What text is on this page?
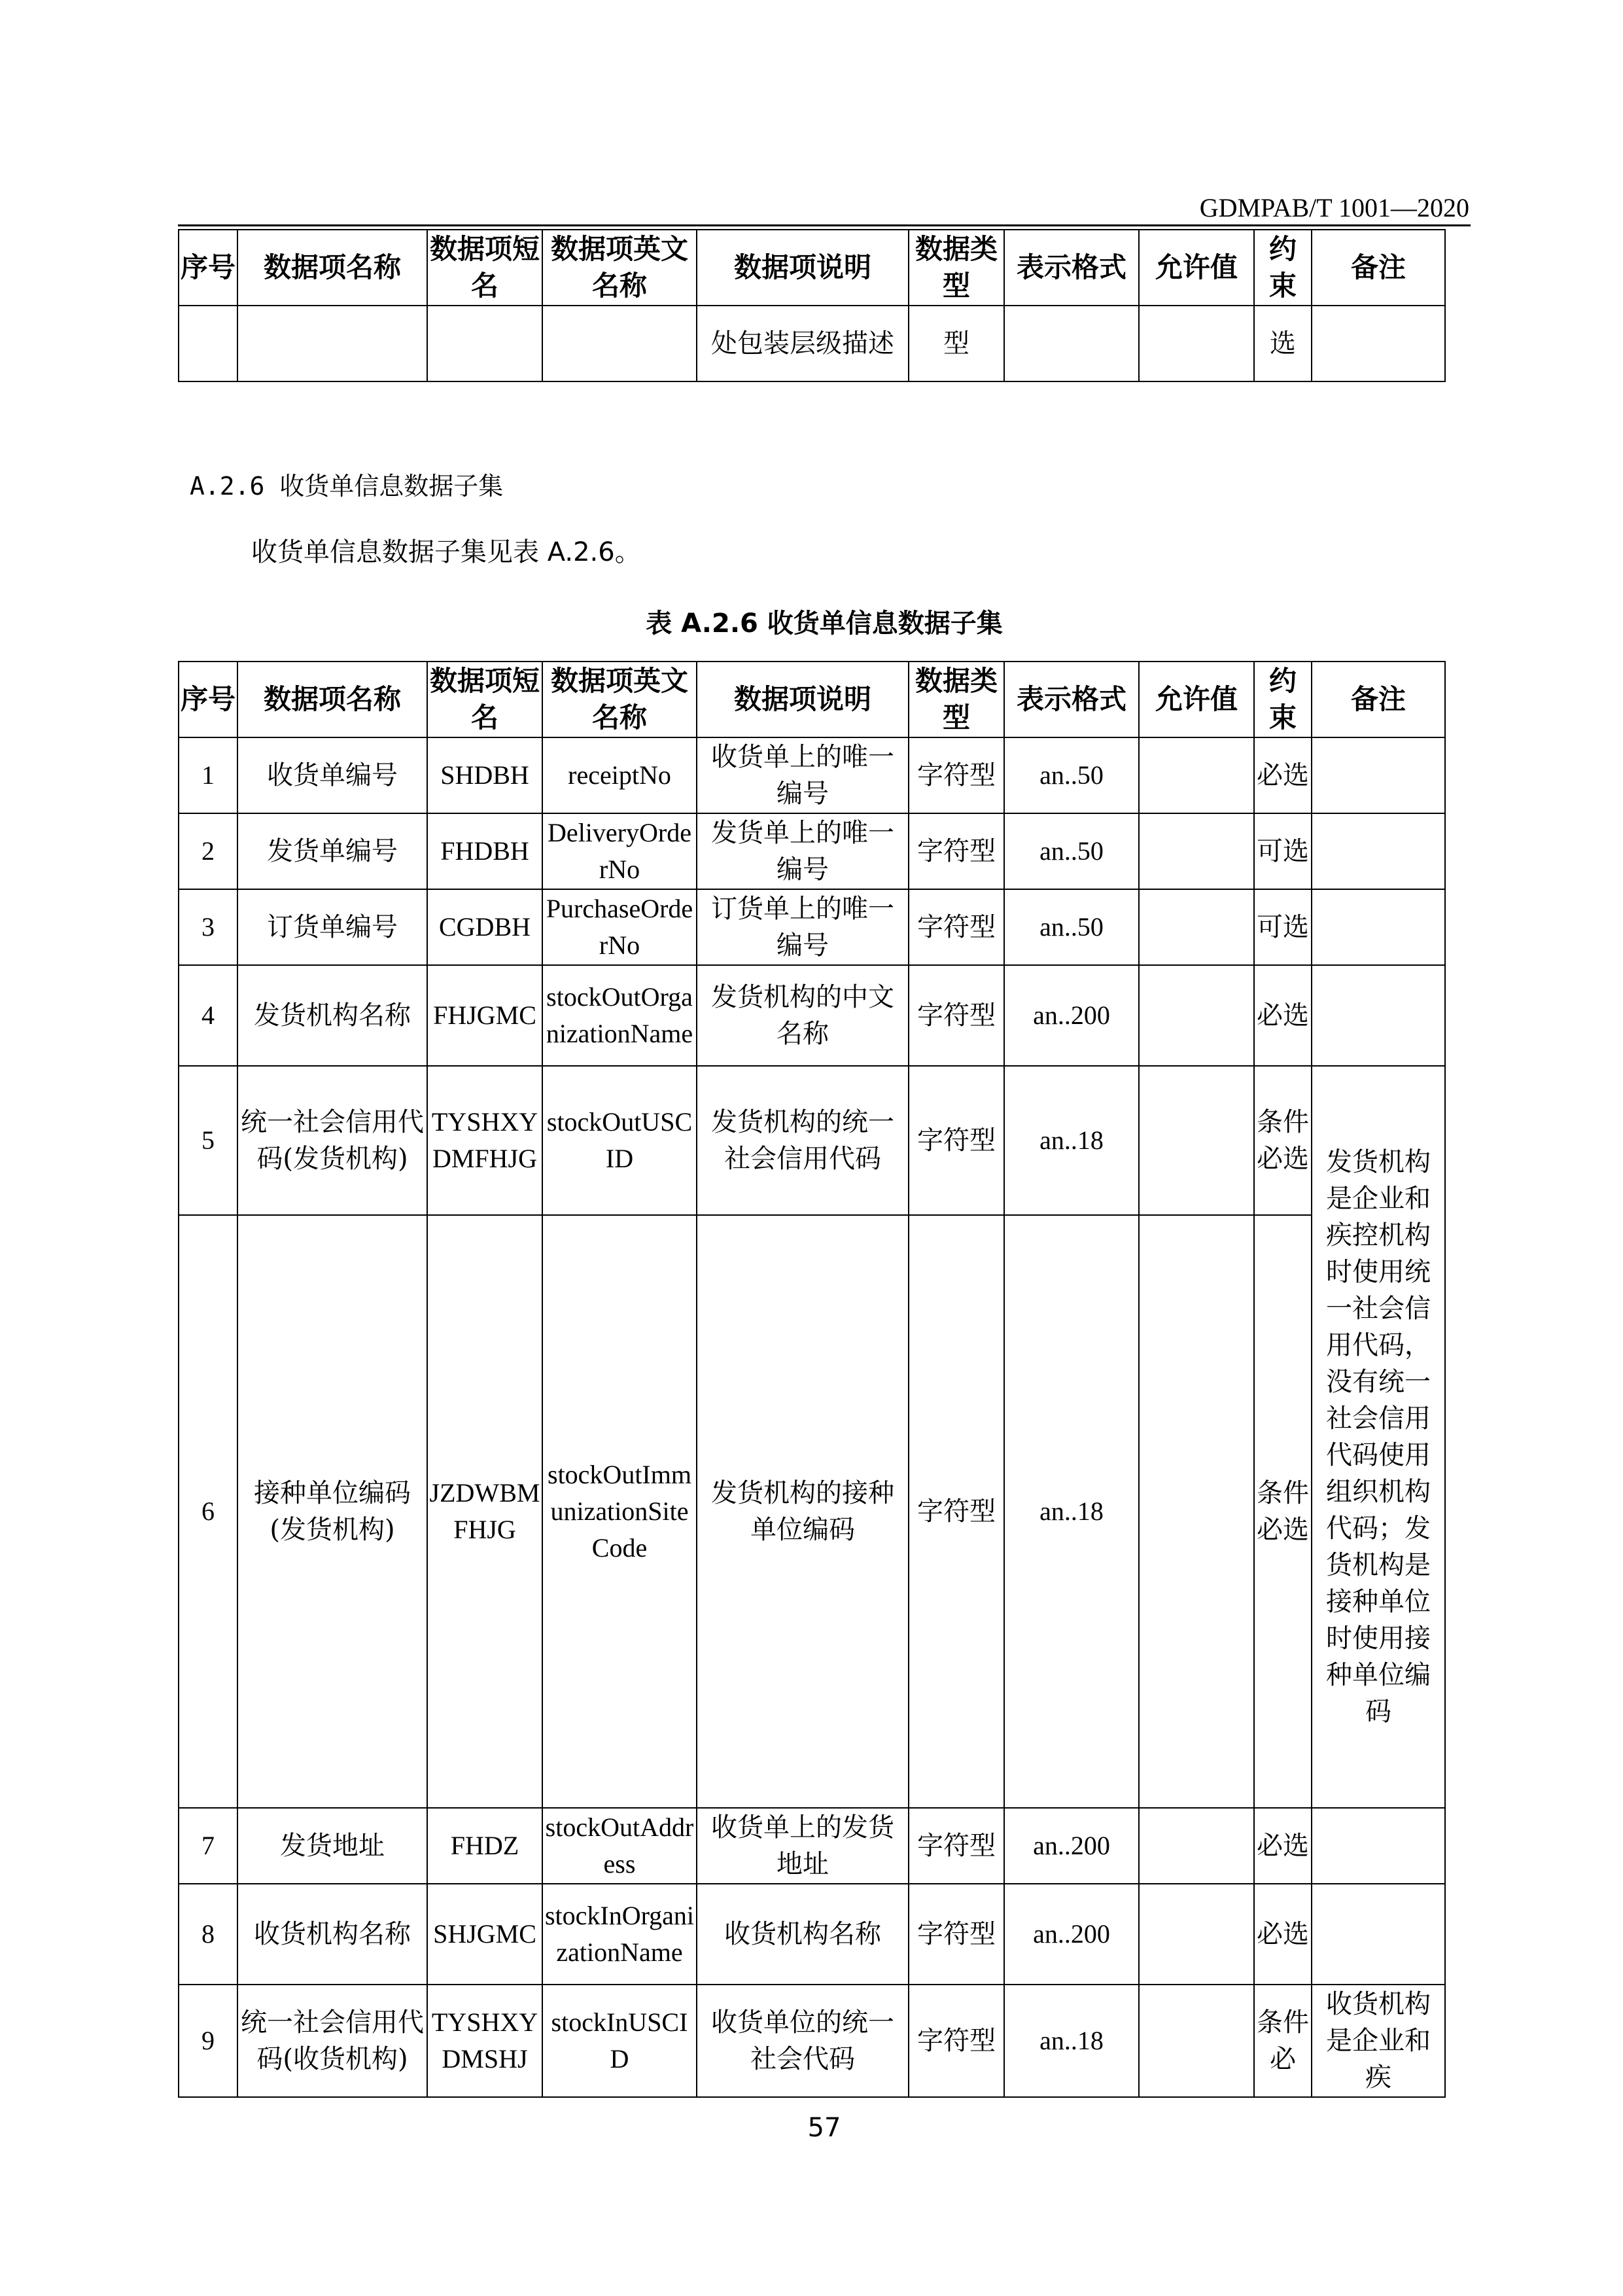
GDMPAB/T 1001—2020
序号	数据项名称	数据项短名	数据项英文名称	数据项说明	数据类型	表示格式	允许值	约束	备注
				处包装层级描述	型			选	
A.2.6 收货单信息数据子集
收货单信息数据子集见表 A.2.6。
表 A.2.6 收货单信息数据子集
序号	数据项名称	数据项短名	数据项英文名称	数据项说明	数据类型	表示格式	允许值	约束	备注
1	收货单编号	SHDBH	receiptNo	收货单上的唯一编号	字符型	an..50		必选	
2	发货单编号	FHDBH	DeliveryOrderNo	发货单上的唯一编号	字符型	an..50		可选	
3	订货单编号	CGDBH	PurchaseOrderNo	订货单上的唯一编号	字符型	an..50		可选	
4	发货机构名称	FHJGMC	stockOutOrganizationName	发货机构的中文名称	字符型	an..200		必选	
5	统一社会信用代码(发货机构)	TYSHXYDMFHJG	stockOutUSCID	发货机构的统一社会信用代码	字符型	an..18		条件必选	发货机构是企业和疾控机构时使用统一社会信用代码，没有统一社会信用代码使用组织机构代码；发货机构是接种单位时使用接种单位编码
6	接种单位编码(发货机构)	JZDWBMFHJG	stockOutImmunizationSiteCode	发货机构的接种单位编码	字符型	an..18		条件必选	
7	发货地址	FHDZ	stockOutAddress	收货单上的发货地址	字符型	an..200		必选	
8	收货机构名称	SHJGMC	stockInOrganizationName	收货机构名称	字符型	an..200		必选	
9	统一社会信用代码(收货机构)	TYSHXYDMSHJ	stockInUSCID	收货单位的统一社会代码	字符型	an..18		条件必	收货机构是企业和疾
57
